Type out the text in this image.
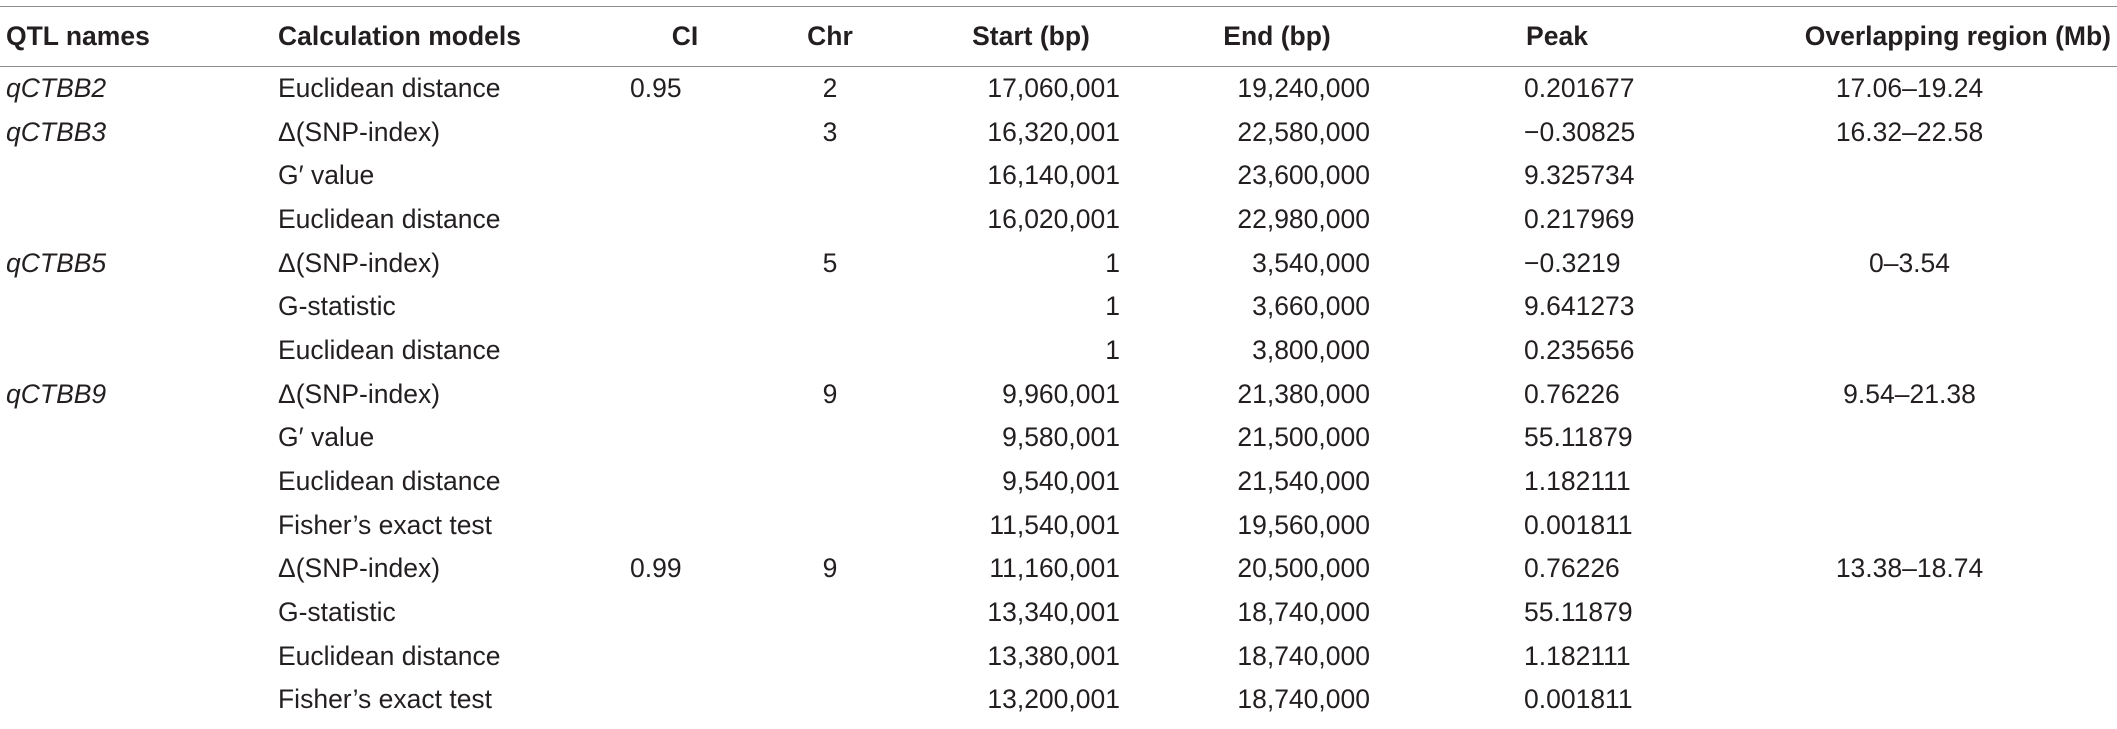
QTL names	Calculation models	CI	Chr	Start (bp)	End (bp)	Peak	Overlapping region (Mb)
qCTBB2	Euclidean distance	0.95	2	17,060,001	19,240,000	0.201677	17.06–19.24
qCTBB3	Δ(SNP-index)		3	16,320,001	22,580,000	−0.30825	16.32–22.58
	G′ value			16,140,001	23,600,000	9.325734	
	Euclidean distance			16,020,001	22,980,000	0.217969	
qCTBB5	Δ(SNP-index)		5	1	3,540,000	−0.3219	0–3.54
	G-statistic			1	3,660,000	9.641273	
	Euclidean distance			1	3,800,000	0.235656	
qCTBB9	Δ(SNP-index)		9	9,960,001	21,380,000	0.76226	9.54–21.38
	G′ value			9,580,001	21,500,000	55.11879	
	Euclidean distance			9,540,001	21,540,000	1.182111	
	Fisher’s exact test			11,540,001	19,560,000	0.001811	
	Δ(SNP-index)	0.99	9	11,160,001	20,500,000	0.76226	13.38–18.74
	G-statistic			13,340,001	18,740,000	55.11879	
	Euclidean distance			13,380,001	18,740,000	1.182111	
	Fisher’s exact test			13,200,001	18,740,000	0.001811	
